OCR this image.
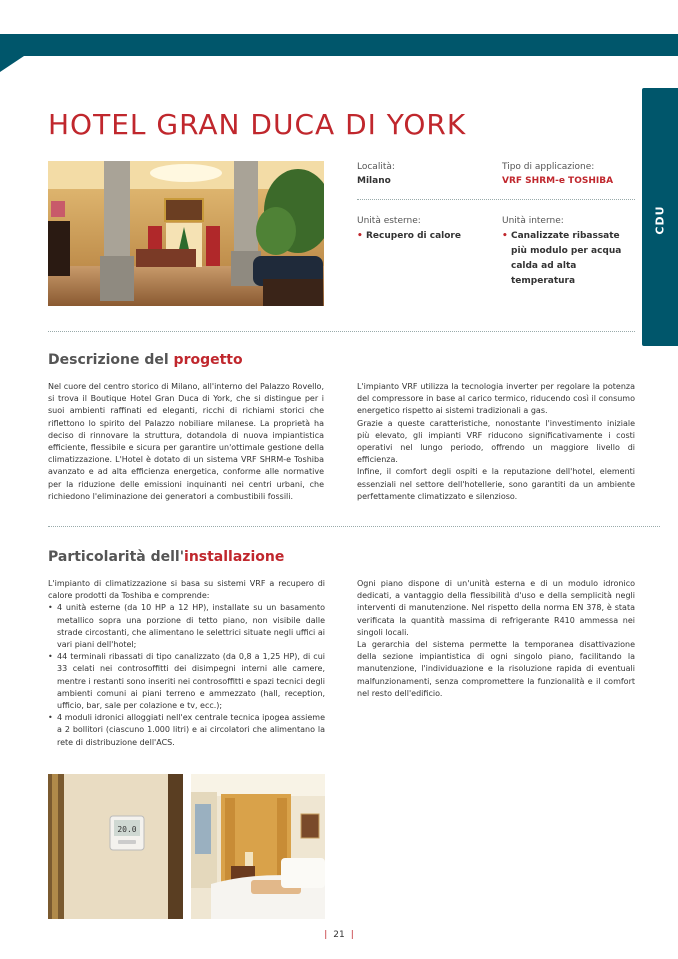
CDU
HOTEL GRAN DUCA DI YORK
Località:
Milano
Tipo di applicazione:
VRF SHRM-e TOSHIBA
Unità esterne:
• Recupero di calore
Unità interne:
• Canalizzate ribassate più modulo per acqua calda ad alta temperatura
Descrizione del progetto

Nel cuore del centro storico di Milano, all'interno del Palazzo Rovello, si trova il Boutique Hotel Gran Duca di York, che si distingue per i suoi ambienti raffinati ed eleganti, ricchi di richiami storici che riflettono lo spirito del Palazzo nobiliare milanese. La proprietà ha deciso di rinnovare la struttura, dotandola di nuova impiantistica efficiente, flessibile e sicura per garantire un'ottimale gestione della climatizzazione. L'Hotel è dotato di un sistema VRF SHRM-e Toshiba avanzato e ad alta efficienza energetica, conforme alle normative per la riduzione delle emissioni inquinanti nei centri urbani, che richiedono l'eliminazione dei generatori a combustibili fossili.

L'impianto VRF utilizza la tecnologia inverter per regolare la potenza del compressore in base al carico termico, riducendo così il consumo energetico rispetto ai sistemi tradizionali a gas.

Grazie a queste caratteristiche, nonostante l'investimento iniziale più elevato, gli impianti VRF riducono significativamente i costi operativi nel lungo periodo, offrendo un maggiore livello di efficienza.

Infine, il comfort degli ospiti e la reputazione dell'hotel, elementi essenziali nel settore dell'hotellerie, sono garantiti da un ambiente perfettamente climatizzato e silenzioso.

Particolarità dell'installazione

L'impianto di climatizzazione si basa su sistemi VRF a recupero di calore prodotti da Toshiba e comprende:

• 4 unità esterne (da 10 HP a 12 HP), installate su un basamento metallico sopra una porzione di tetto piano, non visibile dalle strade circostanti, che alimentano le selettrici situate negli uffici ai vari piani dell'hotel;
• 44 terminali ribassati di tipo canalizzato (da 0,8 a 1,25 HP), di cui 33 celati nei controsoffitti dei disimpegni interni alle camere, mentre i restanti sono inseriti nei controsoffitti e spazi tecnici degli ambienti comuni ai piani terreno e ammezzato (hall, reception, ufficio, bar, sale per colazione e tv, ecc.);
• 4 moduli idronici alloggiati nell'ex centrale tecnica ipogea assieme a 2 bollitori (ciascuno 1.000 litri) e ai circolatori che alimentano la rete di distribuzione dell'ACS.

Ogni piano dispone di un'unità esterna e di un modulo idronico dedicati, a vantaggio della flessibilità d'uso e della semplicità negli interventi di manutenzione. Nel rispetto della norma EN 378, è stata verificata la quantità massima di refrigerante R410 ammessa nei singoli locali.

La gerarchia del sistema permette la temporanea disattivazione della sezione impiantistica di ogni singolo piano, facilitando la manutenzione, l'individuazione e la risoluzione rapida di eventuali malfunzionamenti, senza compromettere la funzionalità e il comfort nel resto dell'edificio.

20.0
| 21 |
